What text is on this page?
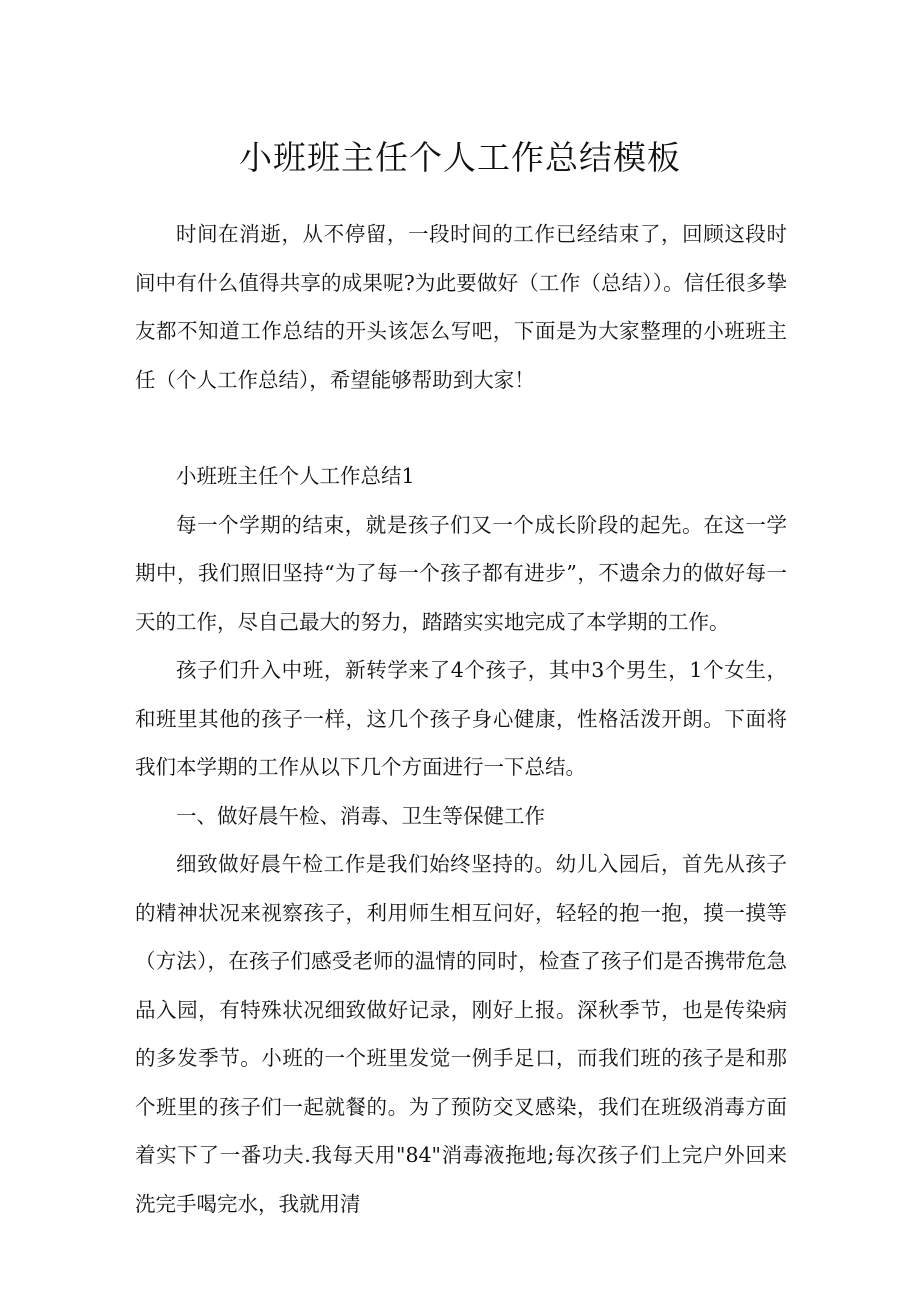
小班班主任个人工作总结模板

时间在消逝，从不停留，一段时间的工作已经结束了，回顾这段时间中有什么值得共享的成果呢?为此要做好（工作（总结））。信任很多挚友都不知道工作总结的开头该怎么写吧，下面是为大家整理的小班班主任（个人工作总结），希望能够帮助到大家！

小班班主任个人工作总结1

每一个学期的结束，就是孩子们又一个成长阶段的起先。在这一学期中，我们照旧坚持“为了每一个孩子都有进步”，不遗余力的做好每一天的工作，尽自己最大的努力，踏踏实实地完成了本学期的工作。

孩子们升入中班，新转学来了4个孩子，其中3个男生，1个女生，和班里其他的孩子一样，这几个孩子身心健康，性格活泼开朗。下面将我们本学期的工作从以下几个方面进行一下总结。

一、做好晨午检、消毒、卫生等保健工作

细致做好晨午检工作是我们始终坚持的。幼儿入园后，首先从孩子的精神状况来视察孩子，利用师生相互问好，轻轻的抱一抱，摸一摸等（方法），在孩子们感受老师的温情的同时，检查了孩子们是否携带危急品入园，有特殊状况细致做好记录，刚好上报。深秋季节，也是传染病的多发季节。小班的一个班里发觉一例手足口，而我们班的孩子是和那个班里的孩子们一起就餐的。为了预防交叉感染，我们在班级消毒方面着实下了一番功夫.我每天用"84"消毒液拖地;每次孩子们上完户外回来洗完手喝完水，我就用清
